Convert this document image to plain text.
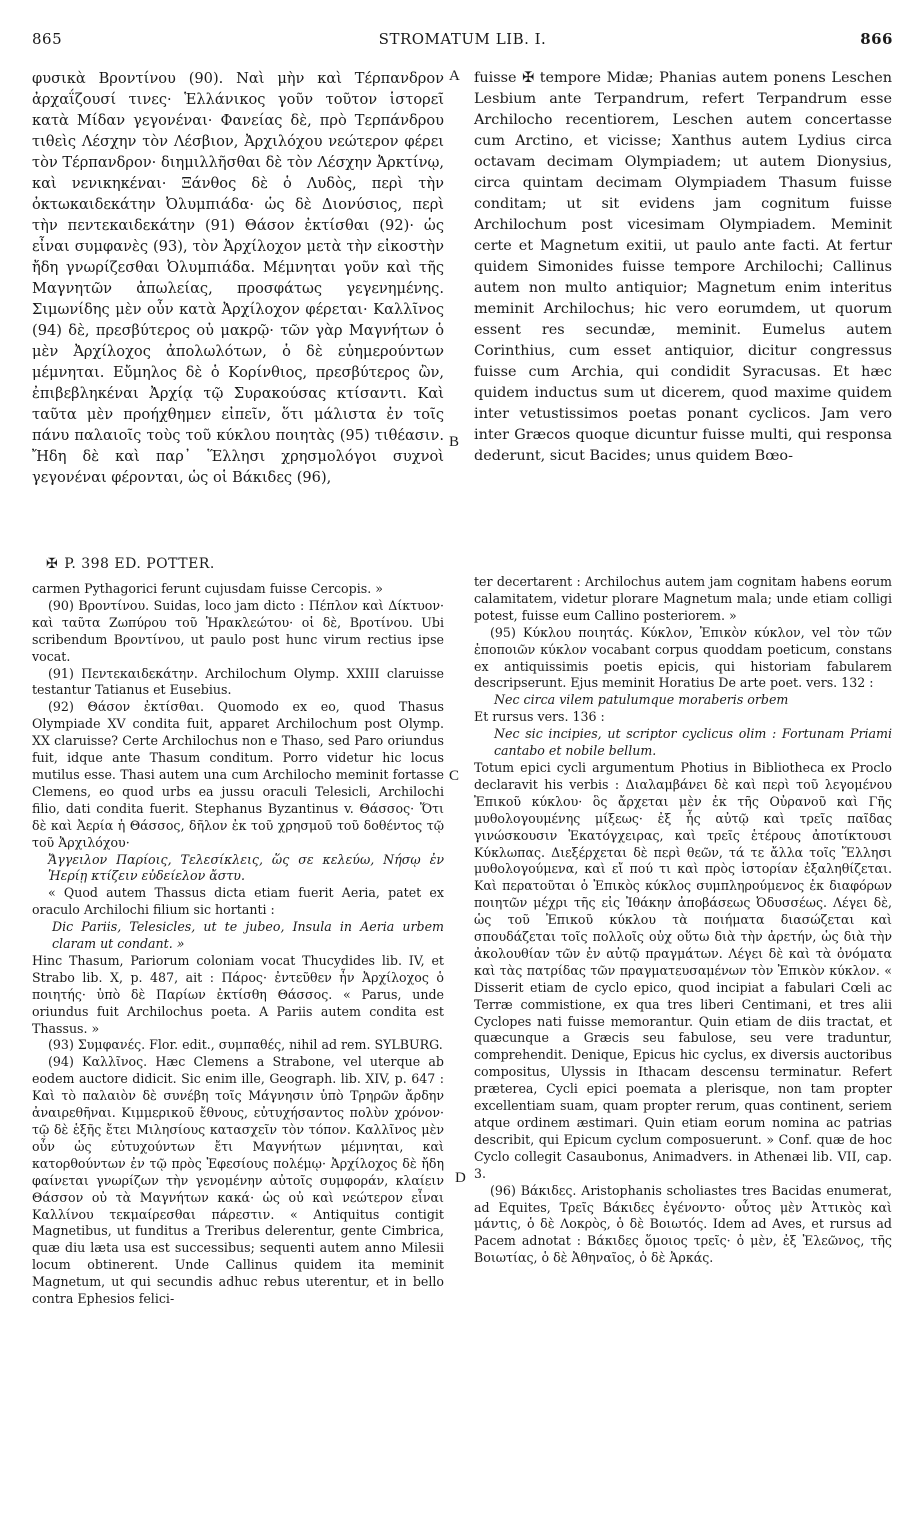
865	STROMATUM LIB. I.	866

φυσικὰ Βροντίνου (90). Ναὶ μὴν καὶ Τέρπανδρον ἀρχαΐζουσί τινες· Ἑλλάνικος γοῦν τοῦτον ἱστορεῖ κατὰ Μίδαν γεγονέναι· Φανείας δὲ, πρὸ Τερπάνδρου τιθεὶς Λέσχην τὸν Λέσβιον, Ἀρχιλόχου νεώτερον φέρει τὸν Τέρπανδρον· διημιλλῆσθαι δὲ τὸν Λέσχην Ἀρκτίνῳ, καὶ νενικηκέναι· Ξάνθος δὲ ὁ Λυδὸς, περὶ τὴν ὀκτωκαιδεκάτην Ὀλυμπιάδα· ὡς δὲ Διονύσιος, περὶ τὴν πεντεκαιδεκάτην (91) Θάσον ἐκτίσθαι (92)· ὡς εἶναι συμφανὲς (93), τὸν Ἀρχίλοχον μετὰ τὴν εἰκοστὴν ἤδη γνωρίζεσθαι Ὀλυμπιάδα. Μέμνηται γοῦν καὶ τῆς Μαγνητῶν ἀπωλείας, προσφάτως γεγενημένης. Σιμωνίδης μὲν οὖν κατὰ Ἀρχίλοχον φέρεται· Καλλῖνος (94) δὲ, πρεσβύτερος οὐ μακρῷ· τῶν γὰρ Μαγνήτων ὁ μὲν Ἀρχίλοχος ἀπολωλότων, ὁ δὲ εὐημερούντων μέμνηται. Εὔμηλος δὲ ὁ Κορίνθιος, πρεσβύτερος ὢν, ἐπιβεβληκέναι Ἀρχίᾳ τῷ Συρακούσας κτίσαντι. Καὶ ταῦτα μὲν προήχθημεν εἰπεῖν, ὅτι μάλιστα ἐν τοῖς πάνυ παλαιοῖς τοὺς τοῦ κύκλου ποιητὰς (95) τιθέασιν. Ἤδη δὲ καὶ παρ᾽ Ἕλλησι χρησμολόγοι συχνοὶ γεγονέναι φέρονται, ὡς οἱ Βάκιδες (96),

A
B
C
D

fuisse ✠ tempore Midæ; Phanias autem ponens Leschen Lesbium ante Terpandrum, refert Terpandrum esse Archilocho recentiorem, Leschen autem concertasse cum Arctino, et vicisse; Xanthus autem Lydius circa octavam decimam Olympiadem; ut autem Dionysius, circa quintam decimam Olympiadem Thasum fuisse conditam; ut sit evidens jam cognitum fuisse Archilochum post vicesimam Olympiadem. Meminit certe et Magnetum exitii, ut paulo ante facti. At fertur quidem Simonides fuisse tempore Archilochi; Callinus autem non multo antiquior; Magnetum enim interitus meminit Archilochus; hic vero eorumdem, ut quorum essent res secundæ, meminit. Eumelus autem Corinthius, cum esset antiquior, dicitur congressus fuisse cum Archia, qui condidit Syracusas. Et hæc quidem inductus sum ut dicerem, quod maxime quidem inter vetustissimos poetas ponant cyclicos. Jam vero inter Græcos quoque dicuntur fuisse multi, qui responsa dederunt, sicut Bacides; unus quidem Bœo-

✠ P. 398 ED. POTTER.

carmen Pythagorici ferunt cujusdam fuisse Cercopis. »

(90) Βροντίνου. Suidas, loco jam dicto : Πέπλον καὶ Δίκτυον· καὶ ταῦτα Ζωπύρου τοῦ Ἡρακλεώτου· οἱ δὲ, Βροτίνου. Ubi scribendum Βροντίνου, ut paulo post hunc virum rectius ipse vocat.

(91) Πεντεκαιδεκάτην. Archilochum Olymp. XXIII claruisse testantur Tatianus et Eusebius.

(92) Θάσον ἐκτίσθαι. Quomodo ex eo, quod Thasus Olympiade XV condita fuit, apparet Archilochum post Olymp. XX claruisse? Certe Archilochus non e Thaso, sed Paro oriundus fuit, idque ante Thasum conditum. Porro videtur hic locus mutilus esse. Thasi autem una cum Archilocho meminit fortasse Clemens, eo quod urbs ea jussu oraculi Telesicli, Archilochi filio, dati condita fuerit. Stephanus Byzantinus v. Θάσσος· Ὅτι δὲ καὶ Ἀερία ἡ Θάσσος, δῆλον ἐκ τοῦ χρησμοῦ τοῦ δοθέντος τῷ τοῦ Ἀρχιλόχου·

Ἄγγειλον Παρίοις, Τελεσίκλεις, ὥς σε κελεύω, Νήσῳ ἐν Ἠερίῃ κτίζειν εὐδείελον ἄστυ.

« Quod autem Thassus dicta etiam fuerit Aeria, patet ex oraculo Archilochi filium sic hortanti :

Dic Pariis, Telesicles, ut te jubeo, Insula in Aeria urbem claram ut condant. »

Hinc Thasum, Pariorum coloniam vocat Thucydides lib. IV, et Strabo lib. X, p. 487, ait : Πάρος· ἐντεῦθεν ἦν Ἀρχίλοχος ὁ ποιητής· ὑπὸ δὲ Παρίων ἐκτίσθη Θάσσος. « Parus, unde oriundus fuit Archilochus poeta. A Pariis autem condita est Thassus. »

(93) Συμφανές. Flor. edit., συμπαθές, nihil ad rem. SYLBURG.

(94) Καλλῖνος. Hæc Clemens a Strabone, vel uterque ab eodem auctore didicit. Sic enim ille, Geograph. lib. XIV, p. 647 : Καὶ τὸ παλαιὸν δὲ συνέβη τοῖς Μάγνησιν ὑπὸ Τρηρῶν ἄρδην ἀναιρεθῆναι. Κιμμερικοῦ ἔθνους, εὐτυχήσαντος πολὺν χρόνον· τῷ δὲ ἑξῆς ἔτει Μιλησίους κατασχεῖν τὸν τόπον. Καλλῖνος μὲν οὖν ὡς εὐτυχούντων ἔτι Μαγνήτων μέμνηται, καὶ κατορθούντων ἐν τῷ πρὸς Ἐφεσίους πολέμῳ· Ἀρχίλοχος δὲ ἤδη φαίνεται γνωρίζων τὴν γενομένην αὐτοῖς συμφοράν, κλαίειν Θάσσον οὐ τὰ Μαγνήτων κακά· ὡς οὐ καὶ νεώτερον εἶναι Καλλίνου τεκμαίρεσθαι πάρεστιν. « Antiquitus contigit Magnetibus, ut funditus a Treribus delerentur, gente Cimbrica, quæ diu læta usa est successibus; sequenti autem anno Milesii locum obtinerent. Unde Callinus quidem ita meminit Magnetum, ut qui secundis adhuc rebus uterentur, et in bello contra Ephesios felici-

ter decertarent : Archilochus autem jam cognitam habens eorum calamitatem, videtur plorare Magnetum mala; unde etiam colligi potest, fuisse eum Callino posteriorem. »

(95) Κύκλου ποιητάς. Κύκλον, Ἐπικὸν κύκλον, vel τὸν τῶν ἐποποιῶν κύκλον vocabant corpus quoddam poeticum, constans ex antiquissimis poetis epicis, qui historiam fabularem descripserunt. Ejus meminit Horatius De arte poet. vers. 132 :

Nec circa vilem patulumque moraberis orbem

Et rursus vers. 136 :

Nec sic incipies, ut scriptor cyclicus olim : Fortunam Priami cantabo et nobile bellum.

Totum epici cycli argumentum Photius in Bibliotheca ex Proclo declaravit his verbis : Διαλαμβάνει δὲ καὶ περὶ τοῦ λεγομένου Ἐπικοῦ κύκλου· ὃς ἄρχεται μὲν ἐκ τῆς Οὐρανοῦ καὶ Γῆς μυθολογουμένης μίξεως· ἐξ ἧς αὐτῷ καὶ τρεῖς παῖδας γινώσκουσιν Ἑκατόγχειρας, καὶ τρεῖς ἑτέρους ἀποτίκτουσι Κύκλωπας. Διεξέρχεται δὲ περὶ θεῶν, τά τε ἄλλα τοῖς Ἕλλησι μυθολογούμενα, καὶ εἴ πού τι καὶ πρὸς ἱστορίαν ἐξαληθίζεται. Καὶ περατοῦται ὁ Ἐπικὸς κύκλος συμπληρούμενος ἐκ διαφόρων ποιητῶν μέχρι τῆς εἰς Ἰθάκην ἀποβάσεως Ὀδυσσέως. Λέγει δὲ, ὡς τοῦ Ἐπικοῦ κύκλου τὰ ποιήματα διασώζεται καὶ σπουδάζεται τοῖς πολλοῖς οὐχ οὕτω διὰ τὴν ἀρετήν, ὡς διὰ τὴν ἀκολουθίαν τῶν ἐν αὐτῷ πραγμάτων. Λέγει δὲ καὶ τὰ ὀνόματα καὶ τὰς πατρίδας τῶν πραγματευσαμένων τὸν Ἐπικὸν κύκλον. « Disserit etiam de cyclo epico, quod incipiat a fabulari Cœli ac Terræ commistione, ex qua tres liberi Centimani, et tres alii Cyclopes nati fuisse memorantur. Quin etiam de diis tractat, et quæcunque a Græcis seu fabulose, seu vere traduntur, comprehendit. Denique, Epicus hic cyclus, ex diversis auctoribus compositus, Ulyssis in Ithacam descensu terminatur. Refert præterea, Cycli epici poemata a plerisque, non tam propter excellentiam suam, quam propter rerum, quas continent, seriem atque ordinem æstimari. Quin etiam eorum nomina ac patrias describit, qui Epicum cyclum composuerunt. » Conf. quæ de hoc Cyclo collegit Casaubonus, Animadvers. in Athenæi lib. VII, cap. 3.

(96) Βάκιδες. Aristophanis scholiastes tres Bacidas enumerat, ad Equites, Τρεῖς Βάκιδες ἐγένοντο· οὗτος μὲν Ἀττικὸς καὶ μάντις, ὁ δὲ Λοκρὸς, ὁ δὲ Βοιωτός. Idem ad Aves, et rursus ad Pacem adnotat : Βάκιδες ὅμοιος τρεῖς· ὁ μὲν, ἐξ Ἐλεῶνος, τῆς Βοιωτίας, ὁ δὲ Ἀθηναῖος, ὁ δὲ Ἀρκάς.
